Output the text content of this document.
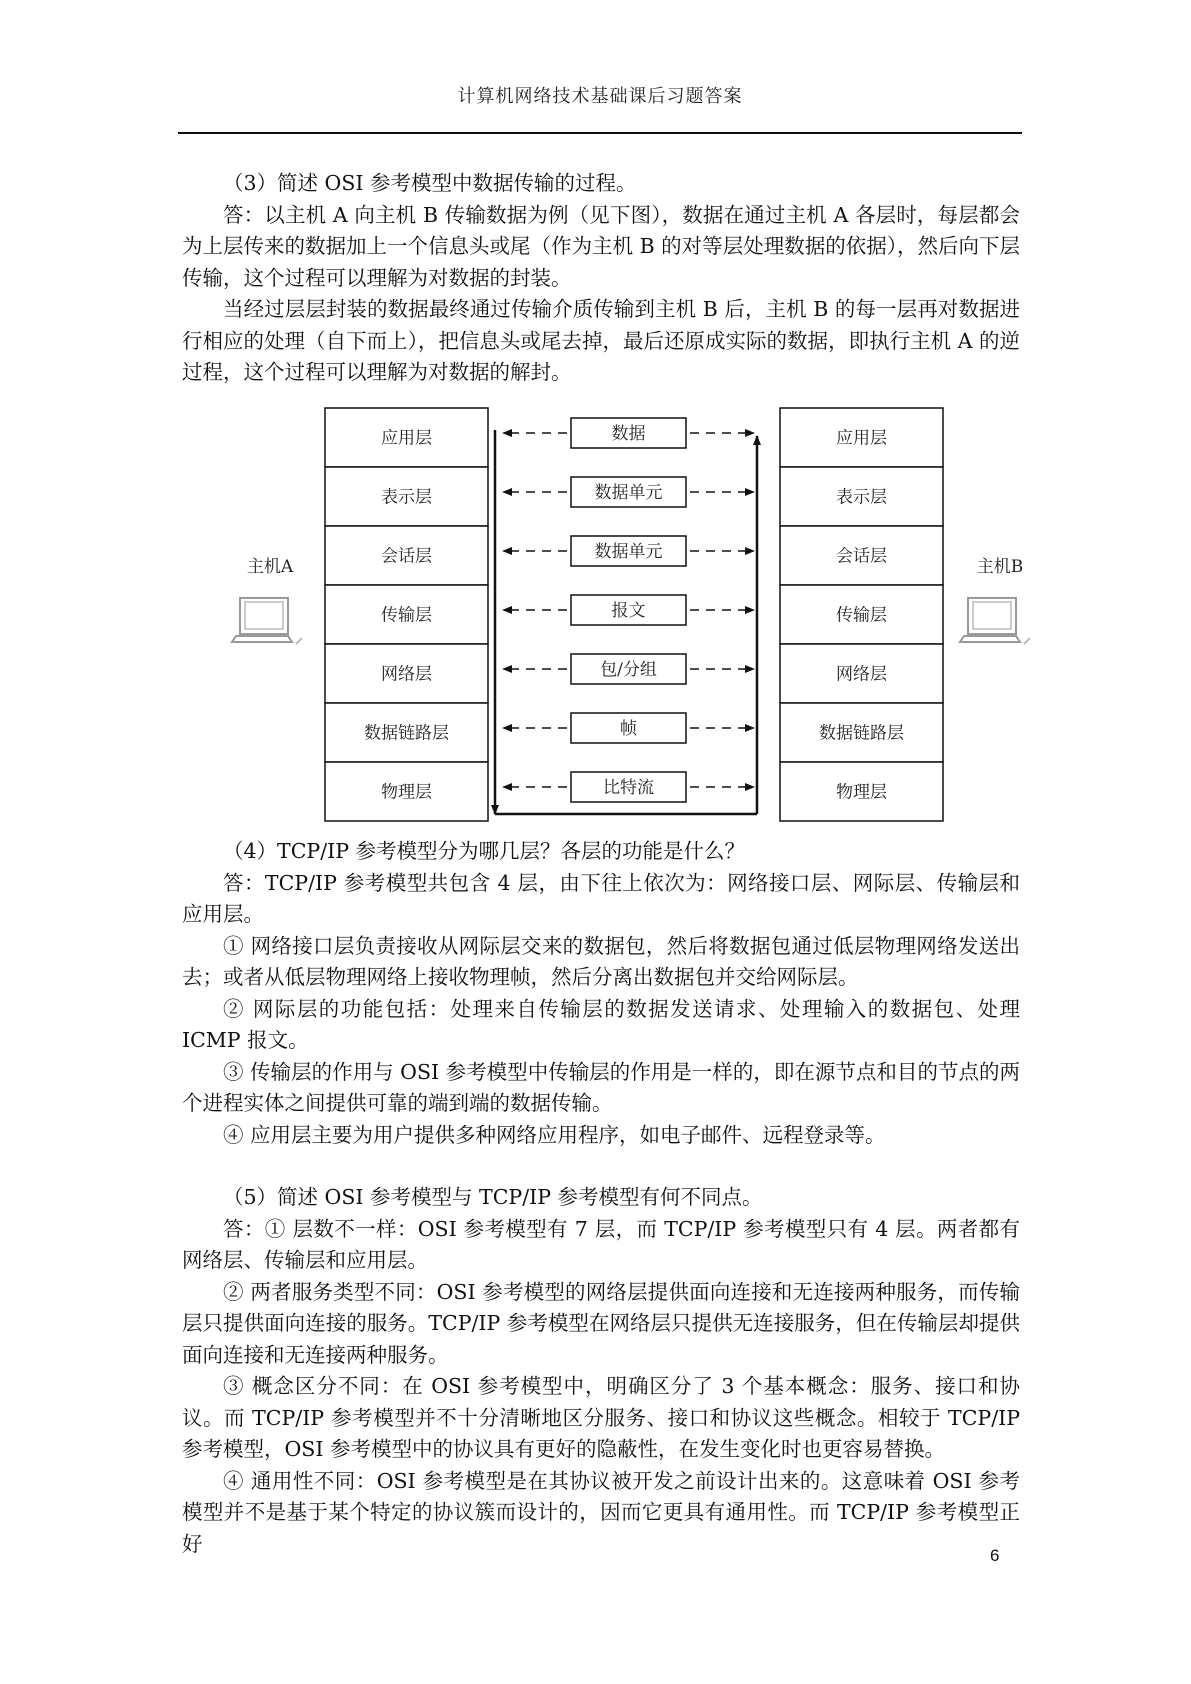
计算机网络技术基础课后习题答案

（3）简述 OSI 参考模型中数据传输的过程。

答：以主机 A 向主机 B 传输数据为例（见下图），数据在通过主机 A 各层时，每层都会为上层传来的数据加上一个信息头或尾（作为主机 B 的对等层处理数据的依据），然后向下层传输，这个过程可以理解为对数据的封装。

当经过层层封装的数据最终通过传输介质传输到主机 B 后，主机 B 的每一层再对数据进行相应的处理（自下而上），把信息头或尾去掉，最后还原成实际的数据，即执行主机 A 的逆过程，这个过程可以理解为对数据的解封。

主机A	主机B
应用层
表示层
会话层
传输层
网络层
数据链路层
物理层
应用层
表示层
会话层
传输层
网络层
数据链路层
物理层
数据
数据单元
数据单元
报文
包/分组
帧
比特流

（4）TCP/IP 参考模型分为哪几层？各层的功能是什么？

答：TCP/IP 参考模型共包含 4 层，由下往上依次为：网络接口层、网际层、传输层和应用层。

① 网络接口层负责接收从网际层交来的数据包，然后将数据包通过低层物理网络发送出去；或者从低层物理网络上接收物理帧，然后分离出数据包并交给网际层。

② 网际层的功能包括：处理来自传输层的数据发送请求、处理输入的数据包、处理 ICMP 报文。

③ 传输层的作用与 OSI 参考模型中传输层的作用是一样的，即在源节点和目的节点的两个进程实体之间提供可靠的端到端的数据传输。

④ 应用层主要为用户提供多种网络应用程序，如电子邮件、远程登录等。

（5）简述 OSI 参考模型与 TCP/IP 参考模型有何不同点。

答：① 层数不一样：OSI 参考模型有 7 层，而 TCP/IP 参考模型只有 4 层。两者都有网络层、传输层和应用层。

② 两者服务类型不同：OSI 参考模型的网络层提供面向连接和无连接两种服务，而传输层只提供面向连接的服务。TCP/IP 参考模型在网络层只提供无连接服务，但在传输层却提供面向连接和无连接两种服务。

③ 概念区分不同：在 OSI 参考模型中，明确区分了 3 个基本概念：服务、接口和协议。而 TCP/IP 参考模型并不十分清晰地区分服务、接口和协议这些概念。相较于 TCP/IP 参考模型，OSI 参考模型中的协议具有更好的隐蔽性，在发生变化时也更容易替换。

④ 通用性不同：OSI 参考模型是在其协议被开发之前设计出来的。这意味着 OSI 参考模型并不是基于某个特定的协议簇而设计的，因而它更具有通用性。而 TCP/IP 参考模型正好	6
